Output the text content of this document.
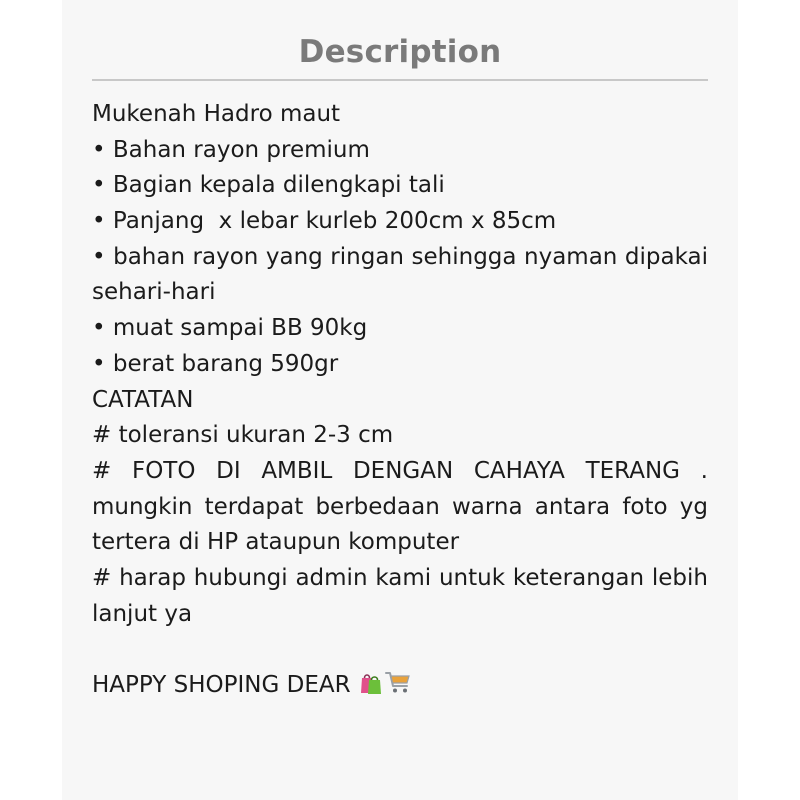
Description
Mukenah Hadro maut
• Bahan rayon premium
• Bagian kepala dilengkapi tali
• Panjang  x lebar kurleb 200cm x 85cm
• bahan rayon yang ringan sehingga nyaman dipakai sehari-hari
• muat sampai BB 90kg
• berat barang 590gr
CATATAN
# toleransi ukuran 2-3 cm
# FOTO DI AMBIL DENGAN CAHAYA TERANG . mungkin terdapat berbedaan warna antara foto yg tertera di HP ataupun komputer
# harap hubungi admin kami untuk keterangan lebih lanjut ya
HAPPY SHOPING DEAR
